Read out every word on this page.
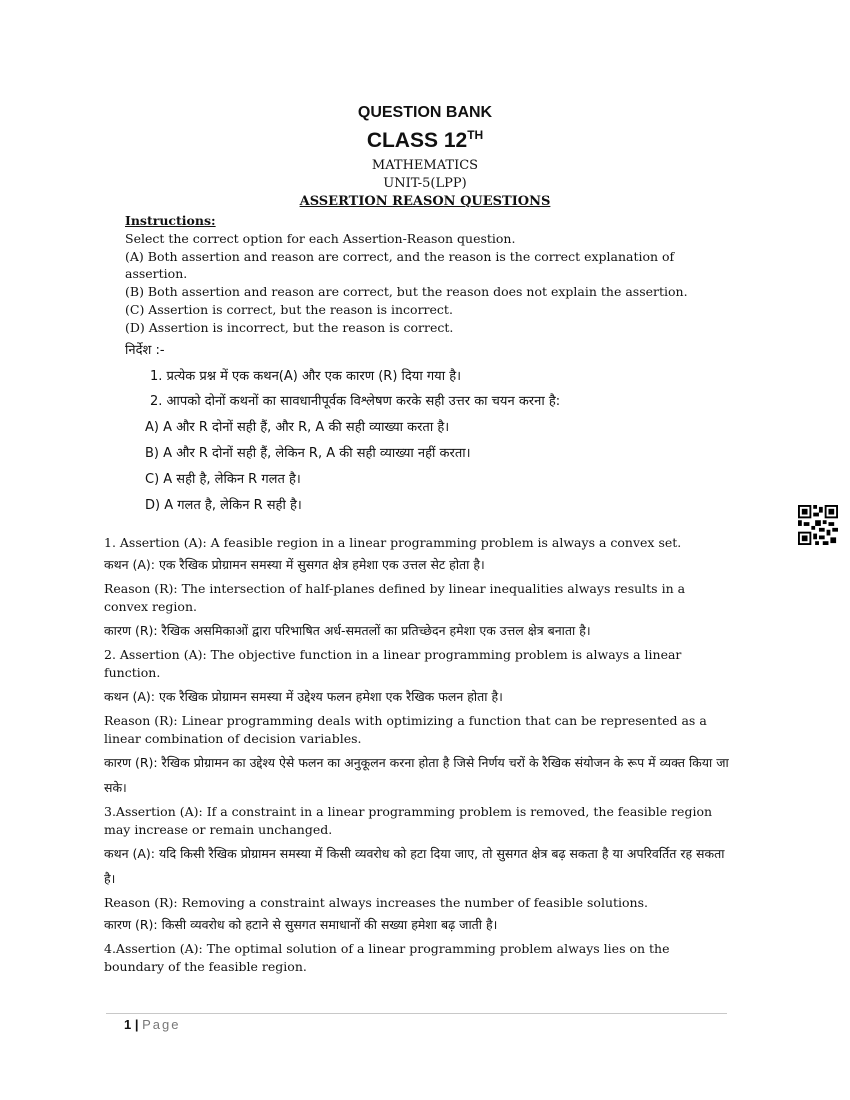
QUESTION BANK
CLASS 12TH
MATHEMATICS
UNIT-5(LPP)
ASSERTION REASON QUESTIONS

Instructions:

Select the correct option for each Assertion-Reason question.

(A) Both assertion and reason are correct, and the reason is the correct explanation of assertion.

(B) Both assertion and reason are correct, but the reason does not explain the assertion.

(C) Assertion is correct, but the reason is incorrect.

(D) Assertion is incorrect, but the reason is correct.

निर्देश :-
1. प्रत्येक प्रश्न में एक कथन(A) और एक कारण (R) दिया गया है।
2. आपको दोनों कथनों का सावधानीपूर्वक विश्लेषण करके सही उत्तर का चयन करना है:
A) A और R दोनों सही हैं, और R, A की सही व्याख्या करता है।
B) A और R दोनों सही हैं, लेकिन R, A की सही व्याख्या नहीं करता।
C) A सही है, लेकिन R गलत है।
D) A गलत है, लेकिन R सही है।

1. Assertion (A): A feasible region in a linear programming problem is always a convex set.

कथन (A): एक रैखिक प्रोग्रामन समस्या में सुसगत क्षेत्र हमेशा एक उत्तल सेट होता है।

Reason (R): The intersection of half-planes defined by linear inequalities always results in a convex region.

कारण (R): रैखिक असमिकाओं द्वारा परिभाषित अर्ध-समतलों का प्रतिच्छेदन हमेशा एक उत्तल क्षेत्र बनाता है।

2. Assertion (A): The objective function in a linear programming problem is always a linear function.

कथन (A): एक रैखिक प्रोग्रामन समस्या में उद्देश्य फलन हमेशा एक रैखिक फलन होता है।

Reason (R): Linear programming deals with optimizing a function that can be represented as a linear combination of decision variables.

कारण (R): रैखिक प्रोग्रामन का उद्देश्य ऐसे फलन का अनुकूलन करना होता है जिसे निर्णय चरों के रैखिक संयोजन के रूप में व्यक्त किया जा सके।

3.Assertion (A): If a constraint in a linear programming problem is removed, the feasible region may increase or remain unchanged.

कथन (A): यदि किसी रैखिक प्रोग्रामन समस्या में किसी व्यवरोध को हटा दिया जाए, तो सुसगत क्षेत्र बढ़ सकता है या अपरिवर्तित रह सकता है।

Reason (R): Removing a constraint always increases the number of feasible solutions.

कारण (R): किसी व्यवरोध को हटाने से सुसगत समाधानों की सख्या हमेशा बढ़ जाती है।

4.Assertion (A): The optimal solution of a linear programming problem always lies on the boundary of the feasible region.

1 | Page
